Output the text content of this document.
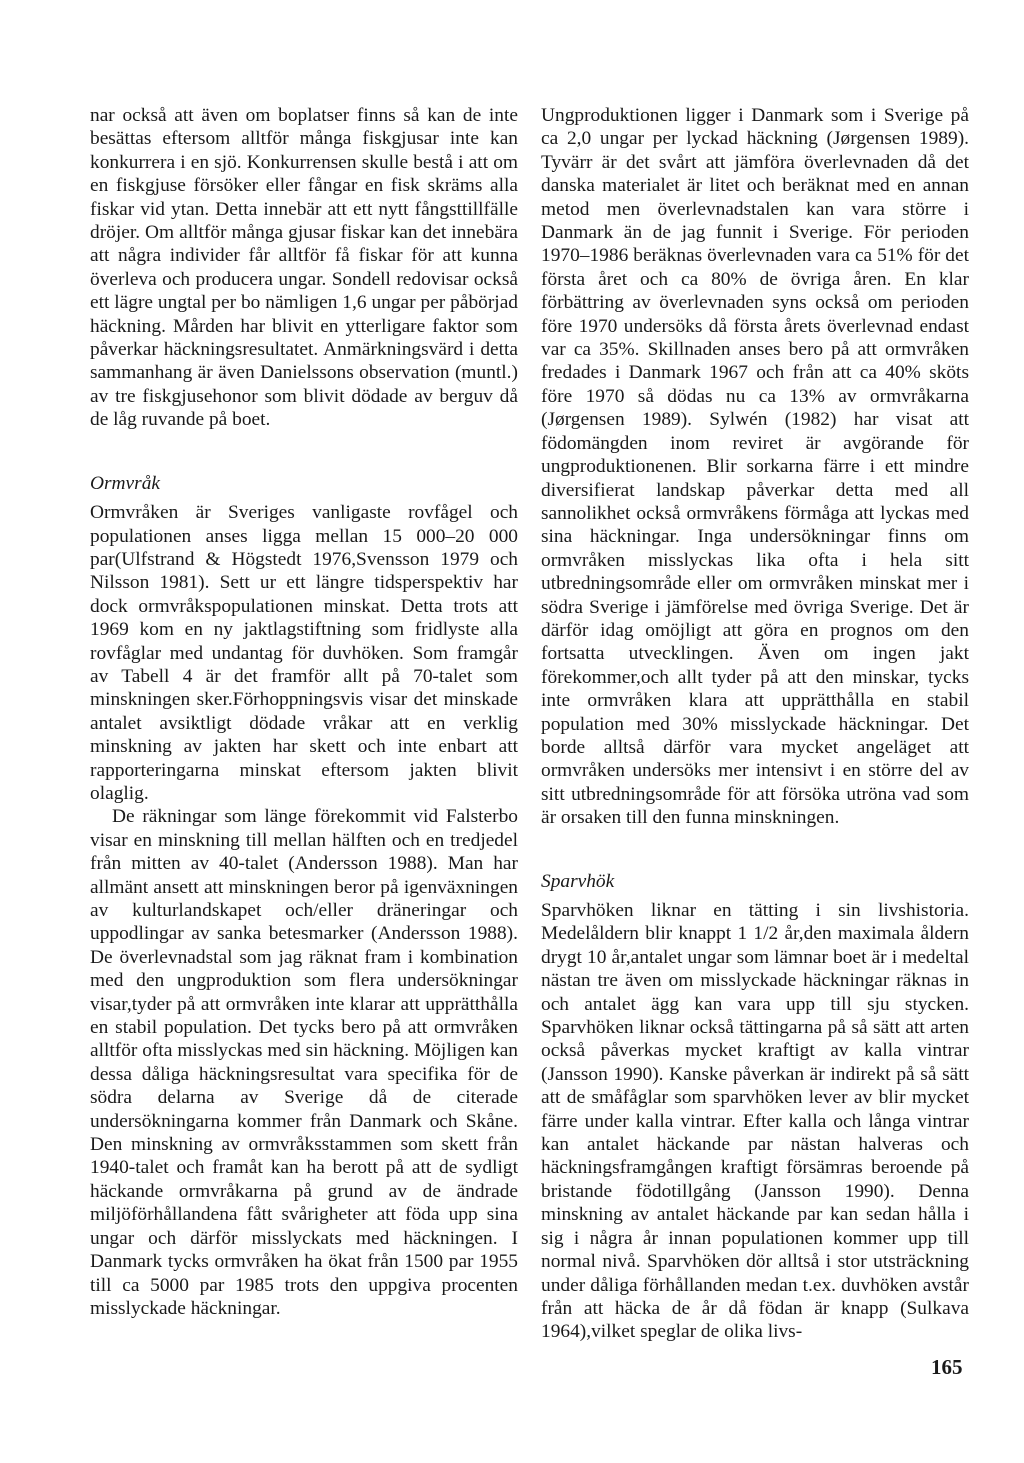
nar också att även om boplatser finns så kan de inte besättas eftersom alltför många fiskgjusar inte kan konkurrera i en sjö. Konkurrensen skulle bestå i att om en fiskgjuse försöker eller fångar en fisk skräms alla fiskar vid ytan. Detta innebär att ett nytt fångsttillfälle dröjer. Om alltför många gjusar fiskar kan det innebära att några individer får alltför få fiskar för att kunna överleva och producera ungar. Sondell redovisar också ett lägre ungtal per bo nämligen 1,6 ungar per påbörjad häckning. Mården har blivit en ytterligare faktor som påverkar häckningsresultatet. Anmärkningsvärd i detta sammanhang är även Danielssons observation (muntl.) av tre fiskgjusehonor som blivit dödade av berguv då de låg ruvande på boet.

Ormvråk

Ormvråken är Sveriges vanligaste rovfågel och populationen anses ligga mellan 15 000–20 000 par(Ulfstrand & Högstedt 1976,Svensson 1979 och Nilsson 1981). Sett ur ett längre tidsperspektiv har dock ormvråkspopulationen minskat. Detta trots att 1969 kom en ny jaktlagstiftning som fridlyste alla rovfåglar med undantag för duvhöken. Som framgår av Tabell 4 är det framför allt på 70-talet som minskningen sker.Förhoppningsvis visar det minskade antalet avsiktligt dödade vråkar att en verklig minskning av jakten har skett och inte enbart att rapporteringarna minskat eftersom jakten blivit olaglig.

De räkningar som länge förekommit vid Falsterbo visar en minskning till mellan hälften och en tredjedel från mitten av 40-talet (Andersson 1988). Man har allmänt ansett att minskningen beror på igenväxningen av kulturlandskapet och/eller dräneringar och uppodlingar av sanka betesmarker (Andersson 1988). De överlevnadstal som jag räknat fram i kombination med den ungproduktion som flera undersökningar visar,tyder på att ormvråken inte klarar att upprätthålla en stabil population. Det tycks bero på att ormvråken alltför ofta misslyckas med sin häckning. Möjligen kan dessa dåliga häckningsresultat vara specifika för de södra delarna av Sverige då de citerade undersökningarna kommer från Danmark och Skåne. Den minskning av ormvråksstammen som skett från 1940-talet och framåt kan ha berott på att de sydligt häckande ormvråkarna på grund av de ändrade miljöförhållandena fått svårigheter att föda upp sina ungar och därför misslyckats med häckningen. I Danmark tycks ormvråken ha ökat från 1500 par 1955 till ca 5000 par 1985 trots den uppgiva procenten misslyckade häckningar.

Ungproduktionen ligger i Danmark som i Sverige på ca 2,0 ungar per lyckad häckning (Jørgensen 1989). Tyvärr är det svårt att jämföra överlevnaden då det danska materialet är litet och beräknat med en annan metod men överlevnadstalen kan vara större i Danmark än de jag funnit i Sverige. För perioden 1970–1986 beräknas överlevnaden vara ca 51% för det första året och ca 80% de övriga åren. En klar förbättring av överlevnaden syns också om perioden före 1970 undersöks då första årets överlevnad endast var ca 35%. Skillnaden anses bero på att ormvråken fredades i Danmark 1967 och från att ca 40% sköts före 1970 så dödas nu ca 13% av ormvråkarna (Jørgensen 1989). Sylwén (1982) har visat att födomängden inom reviret är avgörande för ungproduktionenen. Blir sorkarna färre i ett mindre diversifierat landskap påverkar detta med all sannolikhet också ormvråkens förmåga att lyckas med sina häckningar. Inga undersökningar finns om ormvråken misslyckas lika ofta i hela sitt utbredningsområde eller om ormvråken minskat mer i södra Sverige i jämförelse med övriga Sverige. Det är därför idag omöjligt att göra en prognos om den fortsatta utvecklingen. Även om ingen jakt förekommer,och allt tyder på att den minskar, tycks inte ormvråken klara att upprätthålla en stabil population med 30% misslyckade häckningar. Det borde alltså därför vara mycket angeläget att ormvråken undersöks mer intensivt i en större del av sitt utbredningsområde för att försöka utröna vad som är orsaken till den funna minskningen.

Sparvhök

Sparvhöken liknar en tätting i sin livshistoria. Medelåldern blir knappt 1 1/2 år,den maximala åldern drygt 10 år,antalet ungar som lämnar boet är i medeltal nästan tre även om misslyckade häckningar räknas in och antalet ägg kan vara upp till sju stycken. Sparvhöken liknar också tättingarna på så sätt att arten också påverkas mycket kraftigt av kalla vintrar (Jansson 1990). Kanske påverkan är indirekt på så sätt att de småfåglar som sparvhöken lever av blir mycket färre under kalla vintrar. Efter kalla och långa vintrar kan antalet häckande par nästan halveras och häckningsframgången kraftigt försämras beroende på bristande födotillgång (Jansson 1990). Denna minskning av antalet häckande par kan sedan hålla i sig i några år innan populationen kommer upp till normal nivå. Sparvhöken dör alltså i stor utsträckning under dåliga förhållanden medan t.ex. duvhöken avstår från att häcka de år då födan är knapp (Sulkava 1964),vilket speglar de olika livs-

165
